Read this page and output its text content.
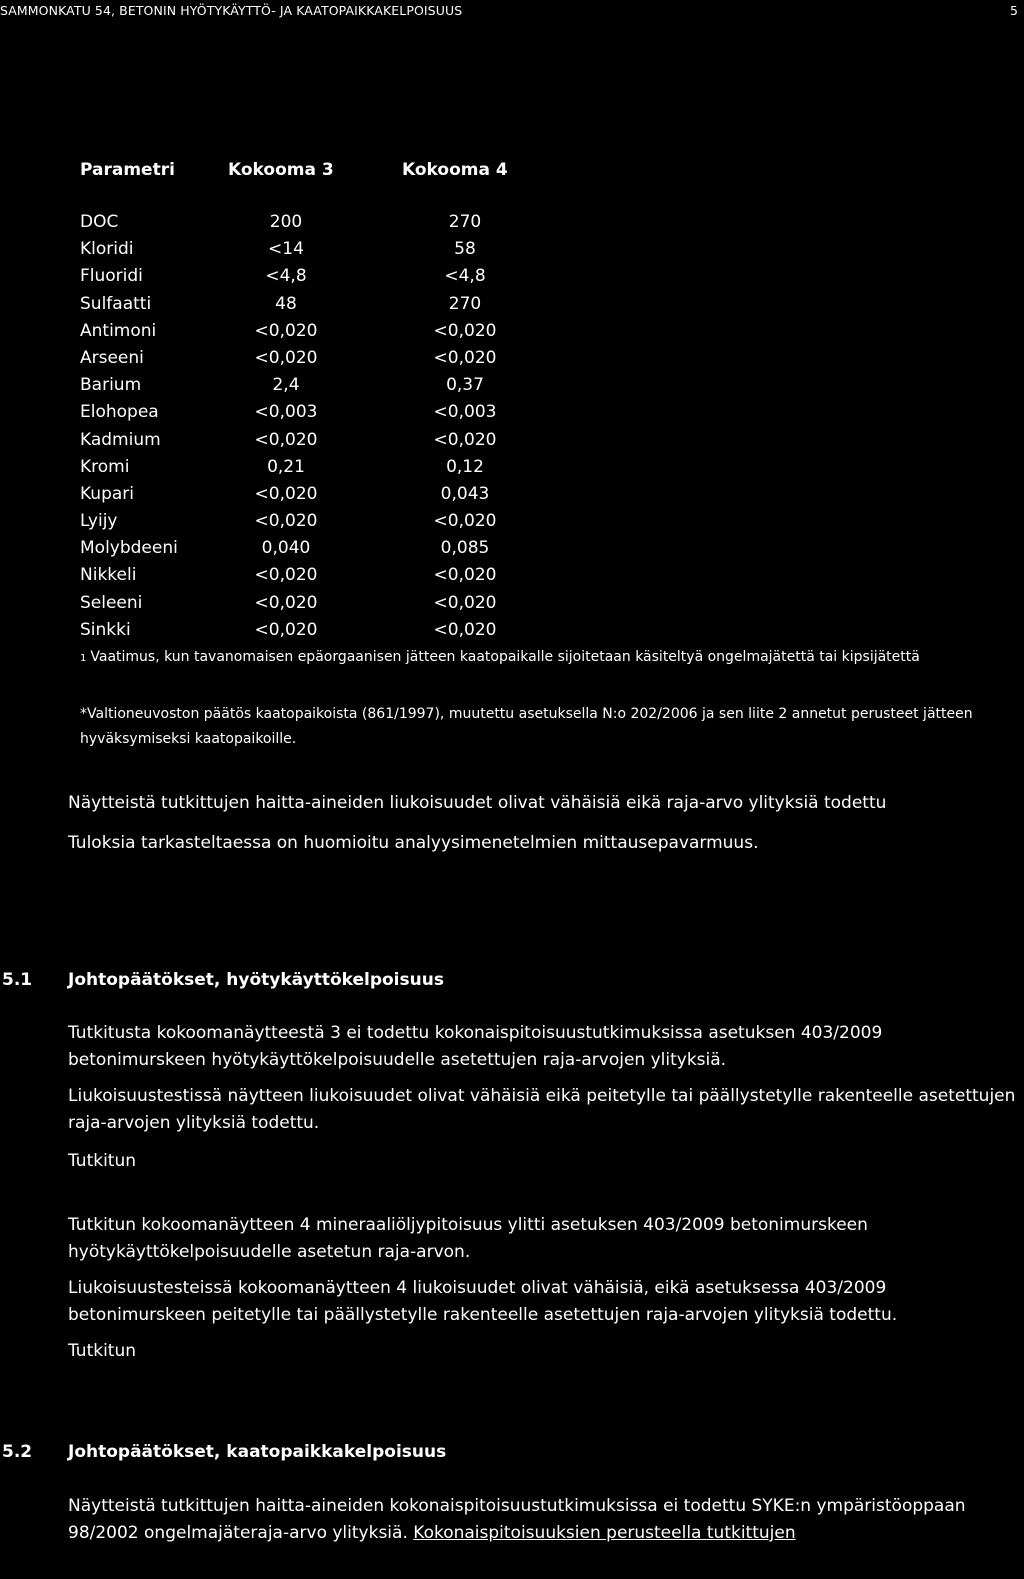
SAMMONKATU 54, BETONIN HYÖTYKÄYTTÖ- JA KAATOPAIKKAKELPOISUUS	5
Parametri	Kokooma 3	Kokooma 4
DOC	200	270
Kloridi	<14	58
Fluoridi	<4,8	<4,8
Sulfaatti	48	270
Antimoni	<0,020	<0,020
Arseeni	<0,020	<0,020
Barium	2,4	0,37
Elohopea	<0,003	<0,003
Kadmium	<0,020	<0,020
Kromi	0,21	0,12
Kupari	<0,020	0,043
Lyijy	<0,020	<0,020
Molybdeeni	0,040	0,085
Nikkeli	<0,020	<0,020
Seleeni	<0,020	<0,020
Sinkki	<0,020	<0,020
$^1$ Vaatimus, kun tavanomaisen epäorgaanisen jätteen kaatopaikalle sijoitetaan käsiteltyä ongelmajätettä tai kipsijätettä
*Valtioneuvoston päätös kaatopaikoista (861/1997), muutettu asetuksella N:o 202/2006 ja sen liite 2 annetut perusteet jätteen hyväksymiseksi kaatopaikoille.
Näytteistä tutkittujen haitta-aineiden liukoisuudet olivat vähäisiä eikä raja-arvo ylityksiä todettu
Tuloksia tarkasteltaessa on huomioitu analyysimenetelmien mittausepavarmuus.
5.1 Johtopäätökset, hyötykäyttökelpoisuus
Tutkitusta kokoomanäytteestä 3 ei todettu kokonaispitoisuustutkimuksissa asetuksen 403/2009 betonimurskeen hyötykäyttökelpoisuudelle asetettujen raja-arvojen ylityksiä.
Liukoisuustestissä näytteen liukoisuudet olivat vähäisiä eikä peitetylle tai päällystetylle rakenteelle asetettujen raja-arvojen ylityksiä todettu.
Tutkitun
Tutkitun kokoomanäytteen 4 mineraaliöljypitoisuus ylitti asetuksen 403/2009 betonimurskeen hyötykäyttökelpoisuudelle asetetun raja-arvon.
Liukoisuustesteissä kokoomanäytteen 4 liukoisuudet olivat vähäisiä, eikä asetuksessa 403/2009 betonimurskeen peitetylle tai päällystetylle rakenteelle asetettujen raja-arvojen ylityksiä todettu.
Tutkitun
5.2 Johtopäätökset, kaatopaikkakelpoisuus
Näytteistä tutkittujen haitta-aineiden kokonaispitoisuustutkimuksissa ei todettu SYKE:n ympäristöoppaan 98/2002 ongelmajäteraja-arvo ylityksiä. Kokonaispitoisuuksien perusteella tutkittujen
